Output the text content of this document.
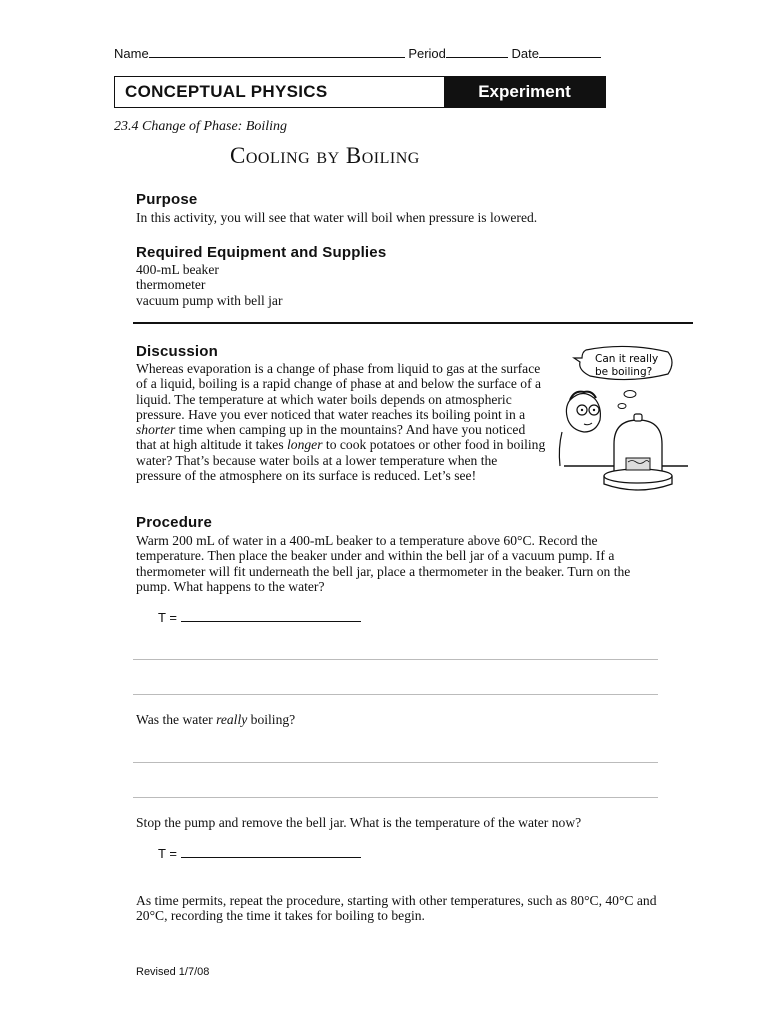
Name	Period	Date
CONCEPTUAL PHYSICS	Experiment
23.4 Change of Phase: Boiling
Cooling by Boiling
Purpose
In this activity, you will see that water will boil when pressure is lowered.
Required Equipment and Supplies
400-mL beaker
thermometer
vacuum pump with bell jar
Discussion
Whereas evaporation is a change of phase from liquid to gas at the surface of a liquid, boiling is a rapid change of phase at and below the surface of a liquid. The temperature at which water boils depends on atmospheric pressure. Have you ever noticed that water reaches its boiling point in a shorter time when camping up in the mountains? And have you noticed that at high altitude it takes longer to cook potatoes or other food in boiling water? That’s because water boils at a lower temperature when the pressure of the atmosphere on its surface is reduced. Let’s see!
Can it really
be boiling?
Procedure
Warm 200 mL of water in a 400-mL beaker to a temperature above 60°C. Record the temperature. Then place the beaker under and within the bell jar of a vacuum pump. If a thermometer will fit underneath the bell jar, place a thermometer in the beaker. Turn on the pump. What happens to the water?
T =
Was the water really boiling?
Stop the pump and remove the bell jar. What is the temperature of the water now?
T =
As time permits, repeat the procedure, starting with other temperatures, such as 80°C, 40°C and 20°C, recording the time it takes for boiling to begin.
Revised 1/7/08
